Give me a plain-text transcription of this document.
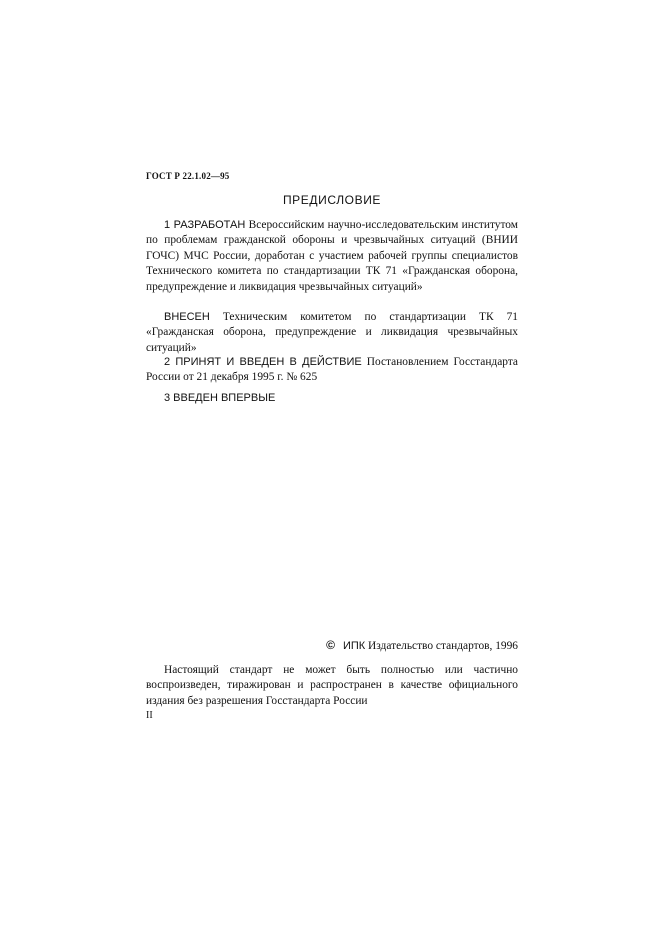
ГОСТ Р 22.1.02—95
ПРЕДИСЛОВИЕ

1 РАЗРАБОТАН Всероссийским научно-исследовательским институтом по проблемам гражданской обороны и чрезвычайных ситуаций (ВНИИ ГОЧС) МЧС России, доработан с участием рабочей группы специалистов Технического комитета по стандартизации ТК 71 «Гражданская оборона, предупреждение и ликвидация чрезвычайных ситуаций»

ВНЕСЕН Техническим комитетом по стандартизации ТК 71 «Гражданская оборона, предупреждение и ликвидация чрезвычайных ситуаций»

2 ПРИНЯТ И ВВЕДЕН В ДЕЙСТВИЕ Постановлением Госстандарта России от 21 декабря 1995 г. № 625

3 ВВЕДЕН ВПЕРВЫЕ

© ИПК Издательство стандартов, 1996

Настоящий стандарт не может быть полностью или частично воспроизведен, тиражирован и распространен в качестве официального издания без разрешения Госстандарта России

II
